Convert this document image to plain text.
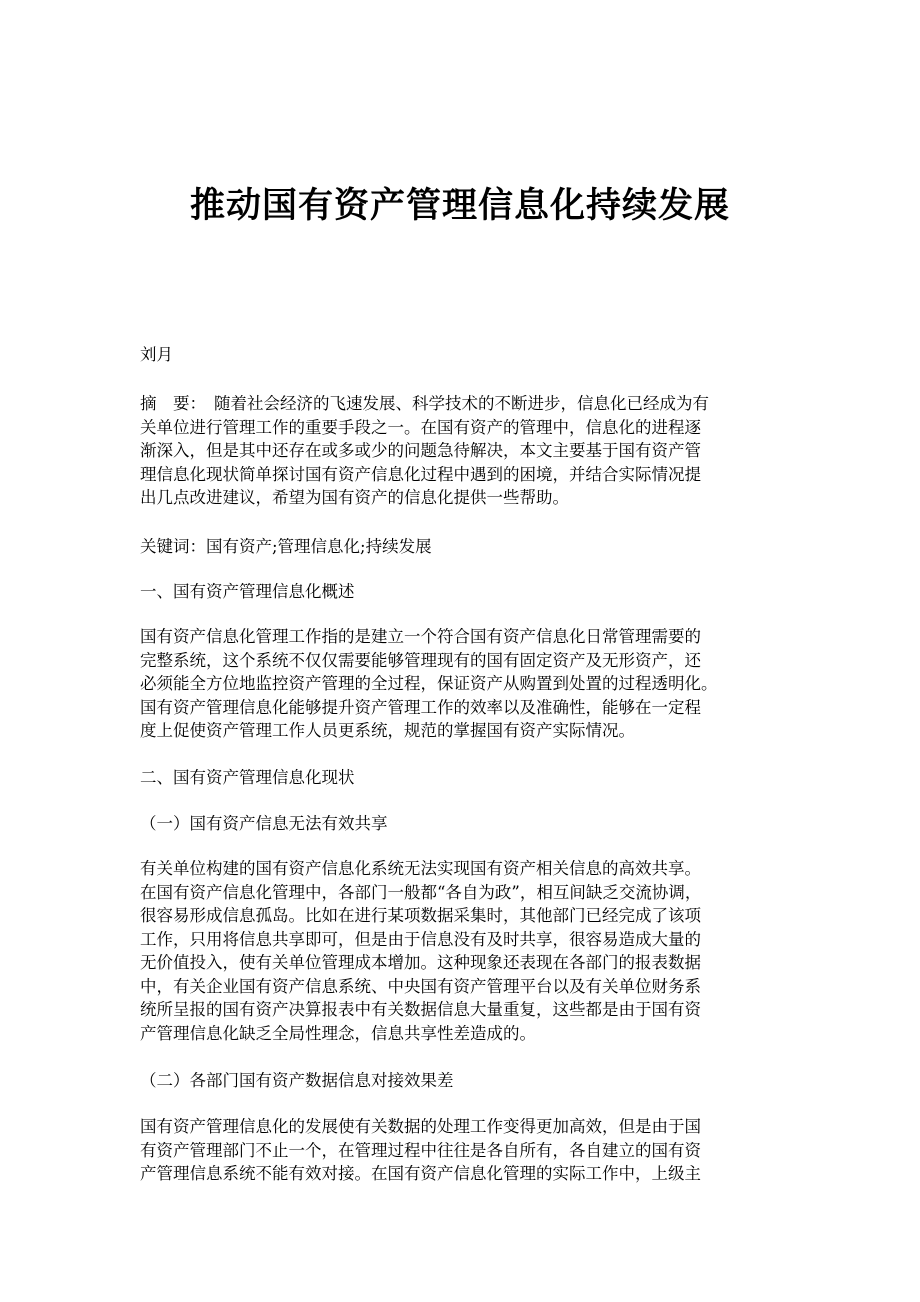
推动国有资产管理信息化持续发展
刘月
摘　要： 随着社会经济的飞速发展、科学技术的不断进步，信息化已经成为有
关单位进行管理工作的重要手段之一。在国有资产的管理中，信息化的进程逐
渐深入，但是其中还存在或多或少的问题急待解决，本文主要基于国有资产管
理信息化现状简单探讨国有资产信息化过程中遇到的困境，并结合实际情况提
出几点改进建议，希望为国有资产的信息化提供一些帮助。
关键词：国有资产;管理信息化;持续发展
一、国有资产管理信息化概述
国有资产信息化管理工作指的是建立一个符合国有资产信息化日常管理需要的
完整系统，这个系统不仅仅需要能够管理现有的国有固定资产及无形资产，还
必须能全方位地监控资产管理的全过程，保证资产从购置到处置的过程透明化。
国有资产管理信息化能够提升资产管理工作的效率以及准确性，能够在一定程
度上促使资产管理工作人员更系统，规范的掌握国有资产实际情况。
二、国有资产管理信息化现状
（一）国有资产信息无法有效共享
有关单位构建的国有资产信息化系统无法实现国有资产相关信息的高效共享。
在国有资产信息化管理中，各部门一般都“各自为政”，相互间缺乏交流协调，
很容易形成信息孤岛。比如在进行某项数据采集时，其他部门已经完成了该项
工作，只用将信息共享即可，但是由于信息没有及时共享，很容易造成大量的
无价值投入，使有关单位管理成本增加。这种现象还表现在各部门的报表数据
中，有关企业国有资产信息系统、中央国有资产管理平台以及有关单位财务系
统所呈报的国有资产决算报表中有关数据信息大量重复，这些都是由于国有资
产管理信息化缺乏全局性理念，信息共享性差造成的。
（二）各部门国有资产数据信息对接效果差
国有资产管理信息化的发展使有关数据的处理工作变得更加高效，但是由于国
有资产管理部门不止一个，在管理过程中往往是各自所有，各自建立的国有资
产管理信息系统不能有效对接。在国有资产信息化管理的实际工作中，上级主
